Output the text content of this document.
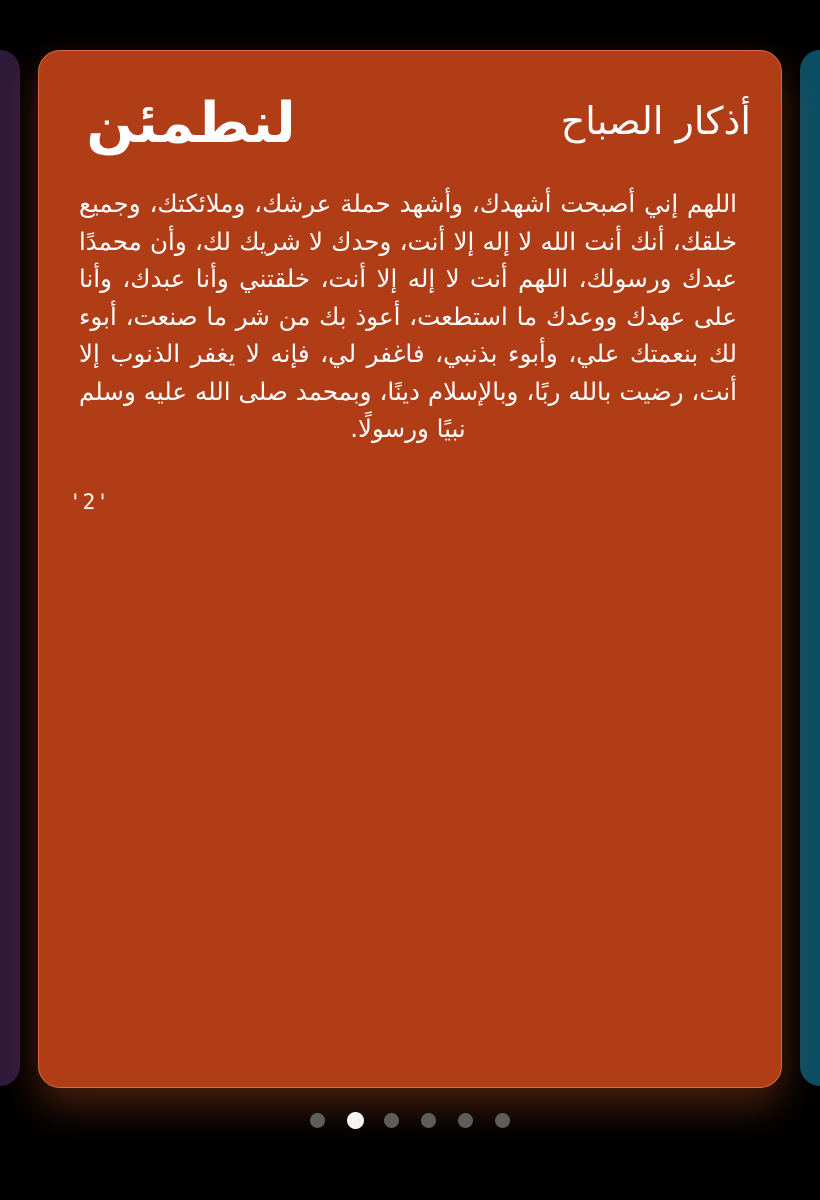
أذكار الصباح
لنطمئن
اللهم إني أصبحت أشهدك، وأشهد حملة عرشك، وملائكتك، وجميع خلقك، أنك أنت الله لا إله إلا أنت، وحدك لا شريك لك، وأن محمدًا عبدك ورسولك، اللهم أنت لا إله إلا أنت، خلقتني وأنا عبدك، وأنا على عهدك ووعدك ما استطعت، أعوذ بك من شر ما صنعت، أبوء لك بنعمتك علي، وأبوء بذنبي، فاغفر لي، فإنه لا يغفر الذنوب إلا أنت، رضيت بالله ربًا، وبالإسلام دينًا، وبمحمد صلى الله عليه وسلم نبيًا ورسولًا.
'2'
